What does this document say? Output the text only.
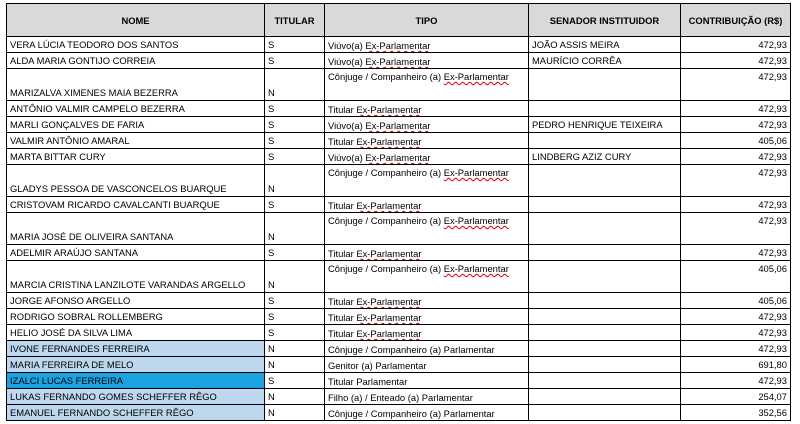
NOME	TITULAR	TIPO	SENADOR INSTITUIDOR	CONTRIBUIÇÃO (R$)
VERA LÚCIA TEODORO DOS SANTOS	S	Viúvo(a) Ex-Parlamentar	JOÃO ASSIS MEIRA	472,93
ALDA MARIA GONTIJO CORREIA	S	Viúvo(a) Ex-Parlamentar	MAURÍCIO CORRÊA	472,93
MARIZALVA XIMENES MAIA BEZERRA	N	Cônjuge / Companheiro (a) Ex-Parlamentar		472,93
ANTÔNIO VALMIR CAMPELO BEZERRA	S	Titular Ex-Parlamentar		472,93
MARLI GONÇALVES DE FARIA	S	Viúvo(a) Ex-Parlamentar	PEDRO HENRIQUE TEIXEIRA	472,93
VALMIR ANTÔNIO AMARAL	S	Titular Ex-Parlamentar		405,06
MARTA BITTAR CURY	S	Viúvo(a) Ex-Parlamentar	LINDBERG AZIZ CURY	472,93
GLADYS PESSOA DE VASCONCELOS BUARQUE	N	Cônjuge / Companheiro (a) Ex-Parlamentar		472,93
CRISTOVAM RICARDO CAVALCANTI BUARQUE	S	Titular Ex-Parlamentar		472,93
MARIA JOSÉ DE OLIVEIRA SANTANA	N	Cônjuge / Companheiro (a) Ex-Parlamentar		472,93
ADELMIR ARAÚJO SANTANA	S	Titular Ex-Parlamentar		472,93
MARCIA CRISTINA LANZILOTE VARANDAS ARGELLO	N	Cônjuge / Companheiro (a) Ex-Parlamentar		405,06
JORGE AFONSO ARGELLO	S	Titular Ex-Parlamentar		405,06
RODRIGO SOBRAL ROLLEMBERG	S	Titular Ex-Parlamentar		472,93
HELIO JOSÉ DA SILVA LIMA	S	Titular Ex-Parlamentar		472,93
IVONE FERNANDES FERREIRA	N	Cônjuge / Companheiro (a) Parlamentar		472,93
MARIA FERREIRA DE MELO	N	Genitor (a) Parlamentar		691,80
IZALCI LUCAS FERREIRA	S	Titular Parlamentar		472,93
LUKAS FERNANDO GOMES SCHEFFER RÊGO	N	Filho (a) / Enteado (a) Parlamentar		254,07
EMANUEL FERNANDO SCHEFFER RÊGO	N	Cônjuge / Companheiro (a) Parlamentar		352,56
